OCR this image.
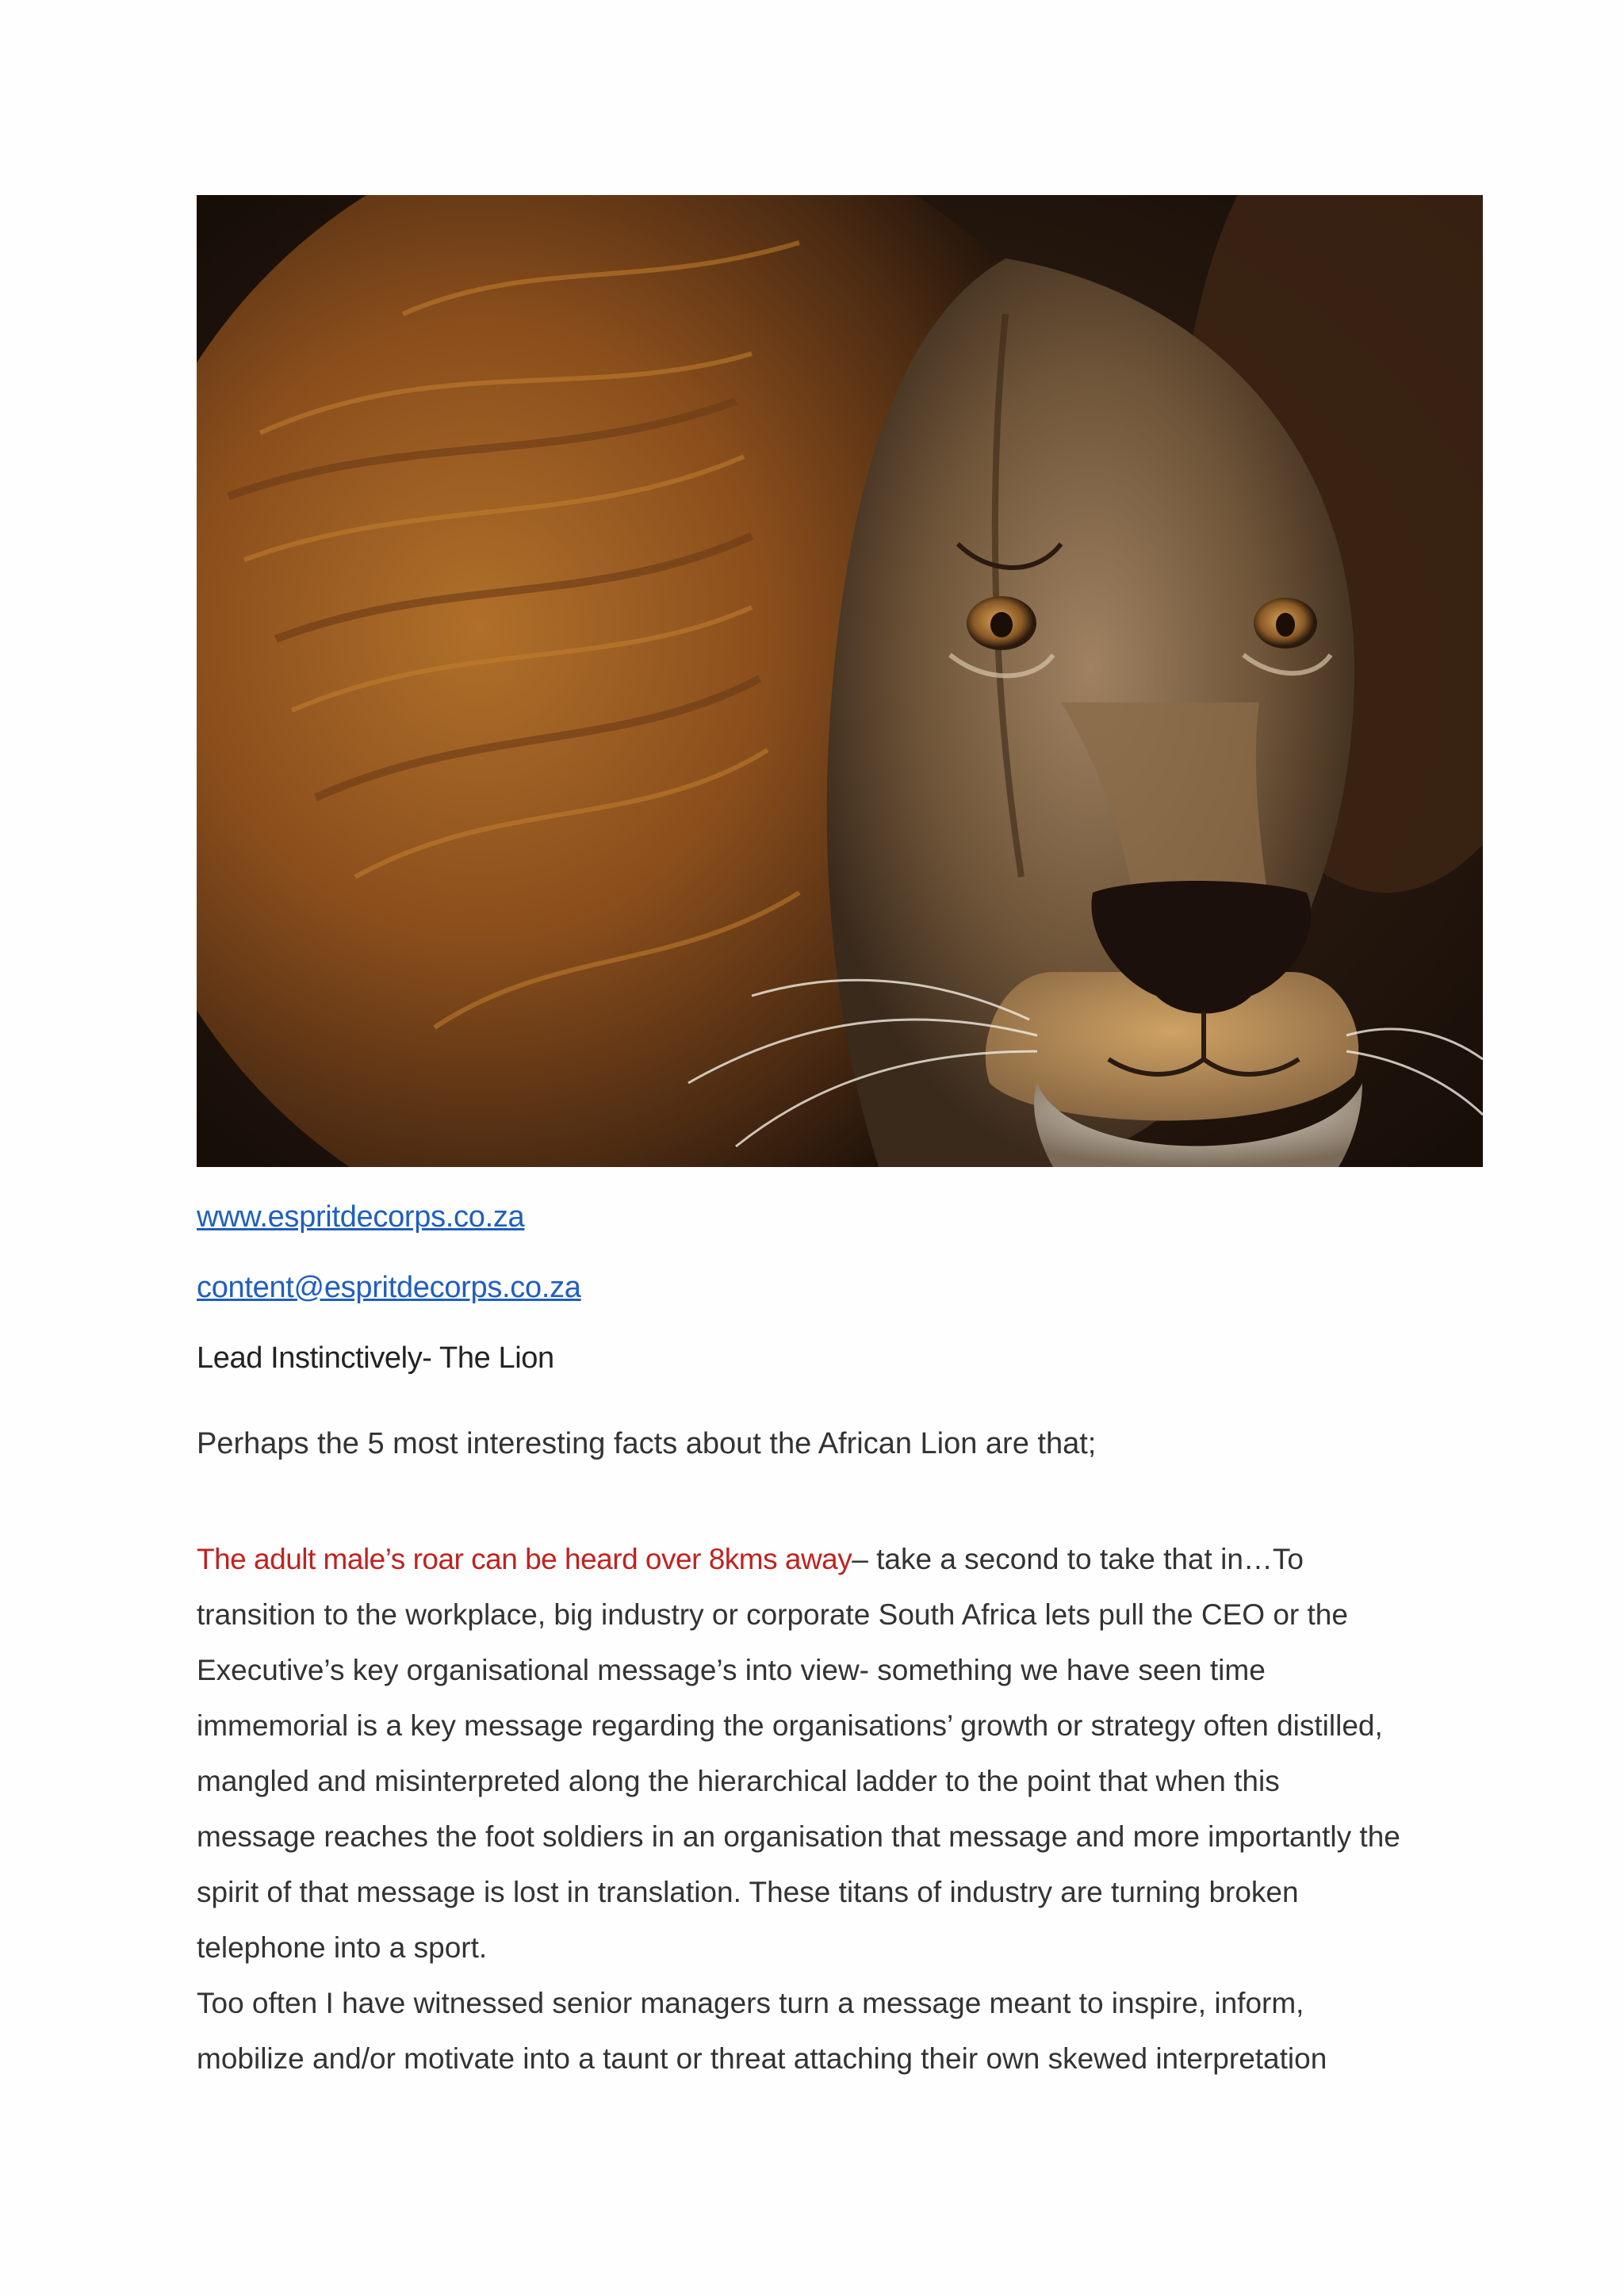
www.espritdecorps.co.za
content@espritdecorps.co.za
Lead Instinctively- The Lion
Perhaps the 5 most interesting facts about the African Lion are that;
The adult male’s roar can be heard over 8kms away– take a second to take that in…To
transition to the workplace, big industry or corporate South Africa lets pull the CEO or the
Executive’s key organisational message’s into view- something we have seen time
immemorial is a key message regarding the organisations’ growth or strategy often distilled,
mangled and misinterpreted along the hierarchical ladder to the point that when this
message reaches the foot soldiers in an organisation that message and more importantly the
spirit of that message is lost in translation. These titans of industry are turning broken
telephone into a sport.
Too often I have witnessed senior managers turn a message meant to inspire, inform,
mobilize and/or motivate into a taunt or threat attaching their own skewed interpretation
